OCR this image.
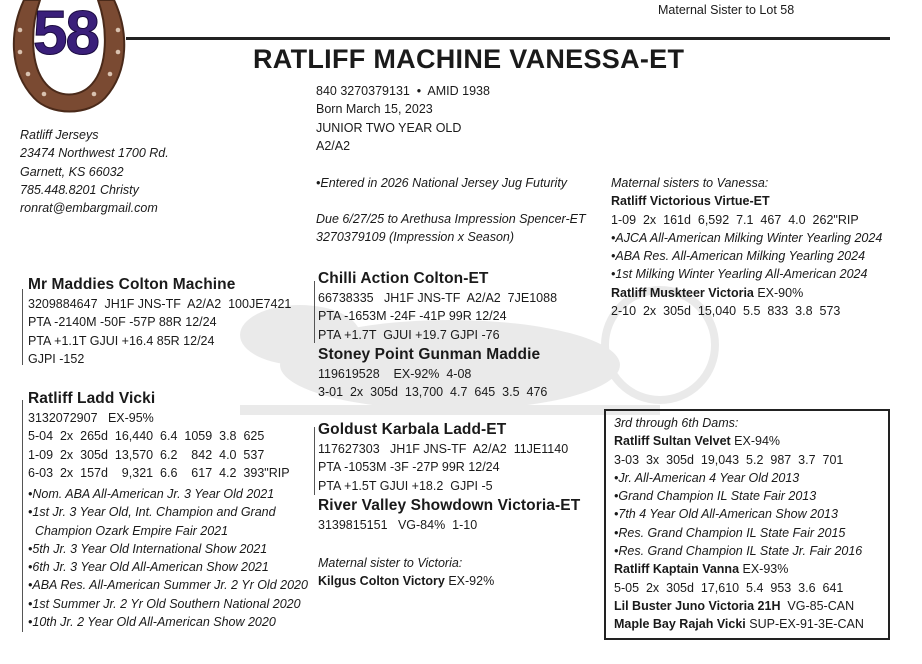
58	Maternal Sister to Lot 58
RATLIFF MACHINE VANESSA-ET
840 3270379131  •  AMID 1938
Born March 15, 2023
JUNIOR TWO YEAR OLD
A2/A2
•Entered in 2026 National Jersey Jug Futurity
Due 6/27/25 to Arethusa Impression Spencer-ET
3270379109 (Impression x Season)
Ratliff Jerseys
23474 Northwest 1700 Rd.
Garnett, KS 66032
785.448.8201 Christy
ronrat@embargmail.com
Mr Maddies Colton Machine
3209884647  JH1F JNS-TF  A2/A2  100JE7421
PTA -2140M -50F -57P 88R 12/24
PTA +1.1T GJUI +16.4 85R 12/24
GJPI -152
Ratliff Ladd Vicki
3132072907   EX-95%
5-04  2x  265d  16,440  6.4  1059  3.8  625
1-09  2x  305d  13,570  6.2    842  4.0  537
6-03  2x  157d    9,321  6.6    617  4.2  393"RIP
•Nom. ABA All-American Jr. 3 Year Old 2021
•1st Jr. 3 Year Old, Int. Champion and Grand
Champion Ozark Empire Fair 2021
•5th Jr. 3 Year Old International Show 2021
•6th Jr. 3 Year Old All-American Show 2021
•ABA Res. All-American Summer Jr. 2 Yr Old 2020
•1st Summer Jr. 2 Yr Old Southern National 2020
•10th Jr. 2 Year Old All-American Show 2020
Chilli Action Colton-ET
66738335   JH1F JNS-TF  A2/A2  7JE1088
PTA -1653M -24F -41P 99R 12/24
PTA +1.7T  GJUI +19.7 GJPI -76
Stoney Point Gunman Maddie
119619528    EX-92%  4-08
3-01  2x  305d  13,700  4.7  645  3.5  476
Goldust Karbala Ladd-ET
117627303   JH1F JNS-TF  A2/A2  11JE1140
PTA -1053M -3F -27P 99R 12/24
PTA +1.5T GJUI +18.2  GJPI -5
River Valley Showdown Victoria-ET
3139815151   VG-84%  1-10
Maternal sister to Victoria:
Kilgus Colton Victory EX-92%
Maternal sisters to Vanessa:
Ratliff Victorious Virtue-ET
1-09  2x  161d  6,592  7.1  467  4.0  262"RIP
•AJCA All-American Milking Winter Yearling 2024
•ABA Res. All-American Milking Yearling 2024
•1st Milking Winter Yearling All-American 2024
Ratliff Muskteer Victoria EX-90%
2-10  2x  305d  15,040  5.5  833  3.8  573
3rd through 6th Dams:
Ratliff Sultan Velvet EX-94%
3-03  3x  305d  19,043  5.2  987  3.7  701
•Jr. All-American 4 Year Old 2013
•Grand Champion IL State Fair 2013
•7th 4 Year Old All-American Show 2013
•Res. Grand Champion IL State Fair 2015
•Res. Grand Champion IL State Jr. Fair 2016
Ratliff Kaptain Vanna EX-93%
5-05  2x  305d  17,610  5.4  953  3.6  641
Lil Buster Juno Victoria 21H  VG-85-CAN
Maple Bay Rajah Vicki SUP-EX-91-3E-CAN
